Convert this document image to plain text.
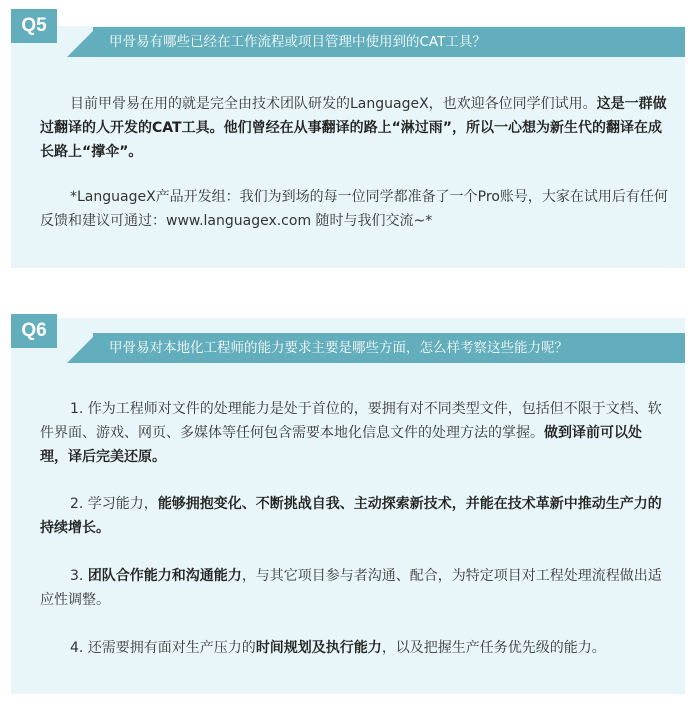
Q5
甲骨易有哪些已经在工作流程或项目管理中使用到的CAT工具？

目前甲骨易在用的就是完全由技术团队研发的LanguageX，也欢迎各位同学们试用。这是一群做过翻译的人开发的CAT工具。他们曾经在从事翻译的路上“淋过雨”，所以一心想为新生代的翻译在成长路上“撑伞”。

*LanguageX产品开发组：我们为到场的每一位同学都准备了一个Pro账号，大家在试用后有任何反馈和建议可通过：www.languagex.com 随时与我们交流~*

Q6
甲骨易对本地化工程师的能力要求主要是哪些方面，怎么样考察这些能力呢？

1. 作为工程师对文件的处理能力是处于首位的，要拥有对不同类型文件，包括但不限于文档、软件界面、游戏、网页、多媒体等任何包含需要本地化信息文件的处理方法的掌握。做到译前可以处理，译后完美还原。

2. 学习能力，能够拥抱变化、不断挑战自我、主动探索新技术，并能在技术革新中推动生产力的持续增长。

3. 团队合作能力和沟通能力，与其它项目参与者沟通、配合，为特定项目对工程处理流程做出适应性调整。

4. 还需要拥有面对生产压力的时间规划及执行能力，以及把握生产任务优先级的能力。
